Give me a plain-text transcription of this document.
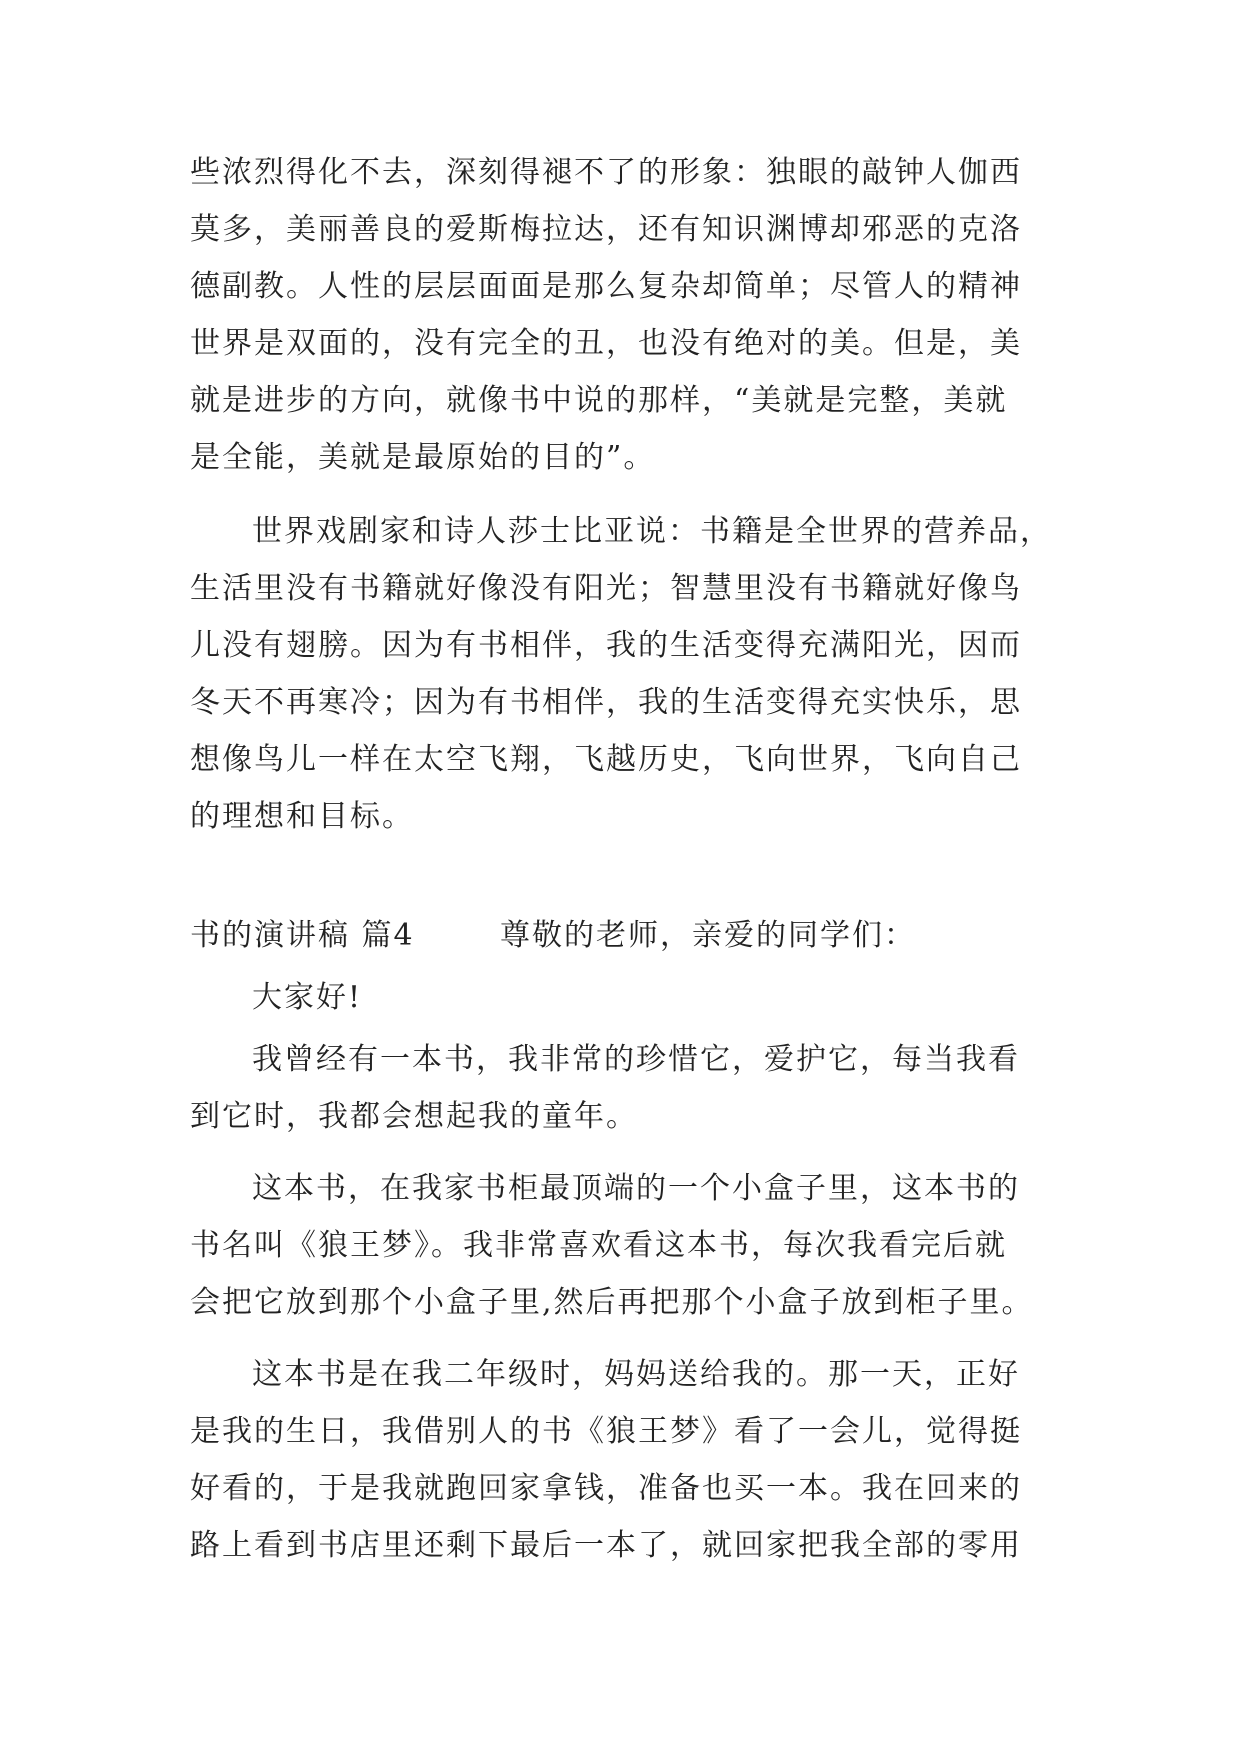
些浓烈得化不去，深刻得褪不了的形象：独眼的敲钟人伽西
莫多，美丽善良的爱斯梅拉达，还有知识渊博却邪恶的克洛
德副教。人性的层层面面是那么复杂却简单；尽管人的精神
世界是双面的，没有完全的丑，也没有绝对的美。但是，美
就是进步的方向，就像书中说的那样，“美就是完整，美就
是全能，美就是最原始的目的”。
世界戏剧家和诗人莎士比亚说：书籍是全世界的营养品，
生活里没有书籍就好像没有阳光；智慧里没有书籍就好像鸟
儿没有翅膀。因为有书相伴，我的生活变得充满阳光，因而
冬天不再寒冷；因为有书相伴，我的生活变得充实快乐，思
想像鸟儿一样在太空飞翔，飞越历史，飞向世界，飞向自己
的理想和目标。
书的演讲稿 篇4	尊敬的老师，亲爱的同学们：
大家好!
我曾经有一本书，我非常的珍惜它，爱护它，每当我看
到它时，我都会想起我的童年。
这本书，在我家书柜最顶端的一个小盒子里，这本书的
书名叫《狼王梦》。我非常喜欢看这本书，每次我看完后就
会把它放到那个小盒子里,然后再把那个小盒子放到柜子里。
这本书是在我二年级时，妈妈送给我的。那一天，正好
是我的生日，我借别人的书《狼王梦》看了一会儿，觉得挺
好看的，于是我就跑回家拿钱，准备也买一本。我在回来的
路上看到书店里还剩下最后一本了，就回家把我全部的零用
